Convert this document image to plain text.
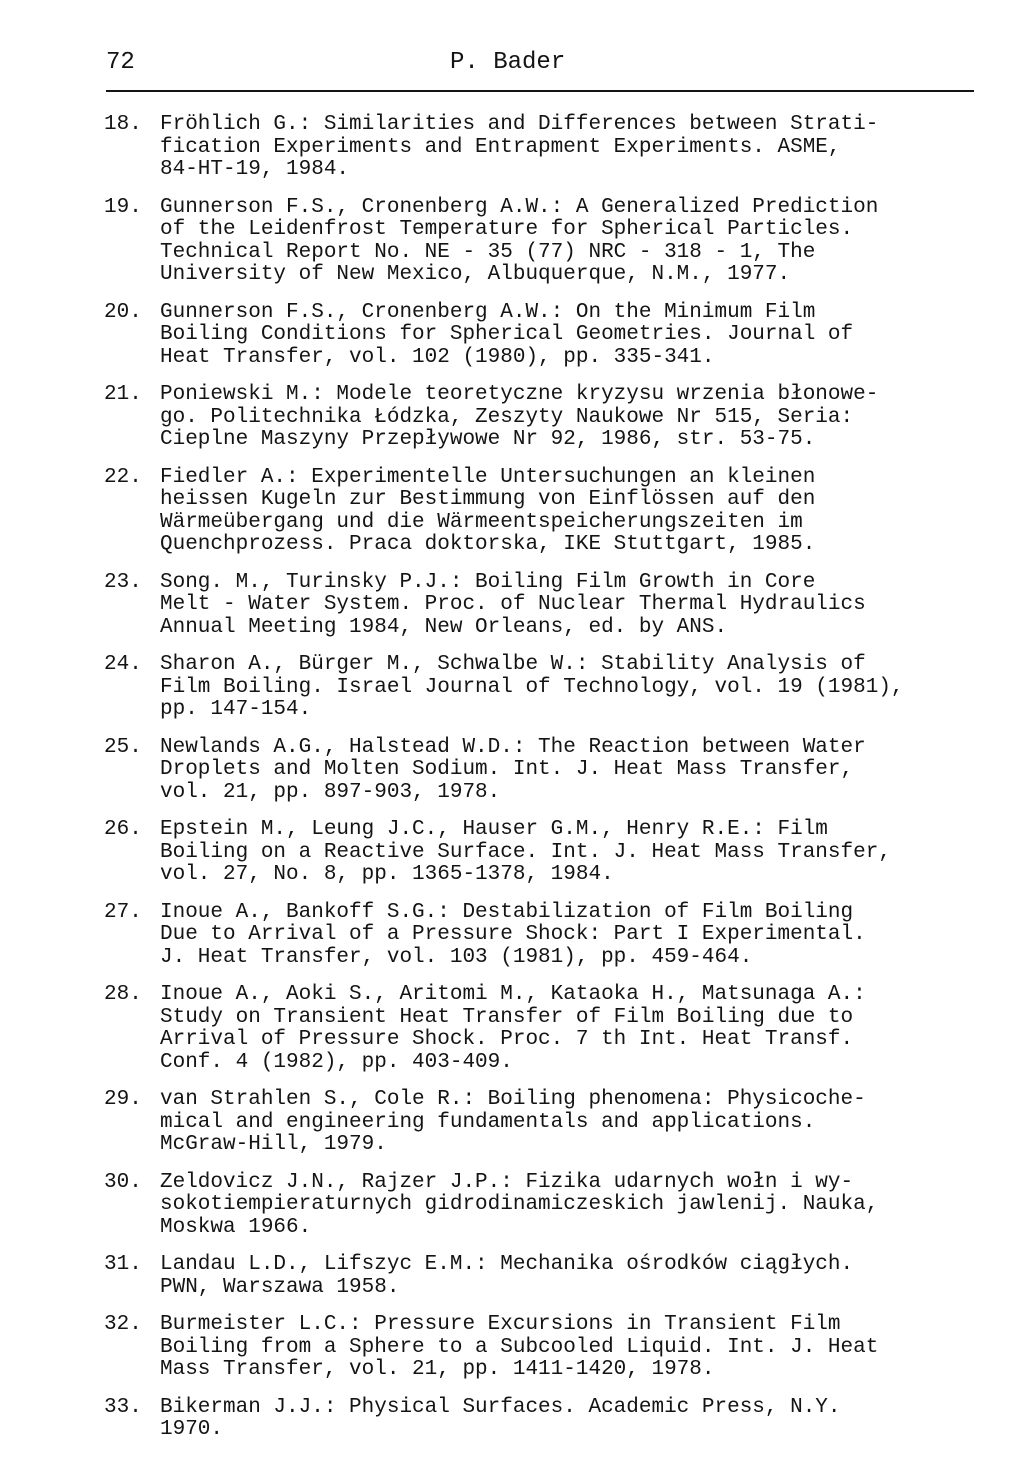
72	P. Bader
18. Fröhlich G.: Similarities and Differences between Strati-
fication Experiments and Entrapment Experiments. ASME,
84-HT-19, 1984.
19. Gunnerson F.S., Cronenberg A.W.: A Generalized Prediction
of the Leidenfrost Temperature for Spherical Particles.
Technical Report No. NE - 35 (77) NRC - 318 - 1, The
University of New Mexico, Albuquerque, N.M., 1977.
20. Gunnerson F.S., Cronenberg A.W.: On the Minimum Film
Boiling Conditions for Spherical Geometries. Journal of
Heat Transfer, vol. 102 (1980), pp. 335-341.
21. Poniewski M.: Modele teoretyczne kryzysu wrzenia błonowe-
go. Politechnika Łódzka, Zeszyty Naukowe Nr 515, Seria:
Cieplne Maszyny Przepływowe Nr 92, 1986, str. 53-75.
22. Fiedler A.: Experimentelle Untersuchungen an kleinen
heissen Kugeln zur Bestimmung von Einflössen auf den
Wärmeübergang und die Wärmeentspeicherungszeiten im
Quenchprozess. Praca doktorska, IKE Stuttgart, 1985.
23. Song. M., Turinsky P.J.: Boiling Film Growth in Core
Melt - Water System. Proc. of Nuclear Thermal Hydraulics
Annual Meeting 1984, New Orleans, ed. by ANS.
24. Sharon A., Bürger M., Schwalbe W.: Stability Analysis of
Film Boiling. Israel Journal of Technology, vol. 19 (1981),
pp. 147-154.
25. Newlands A.G., Halstead W.D.: The Reaction between Water
Droplets and Molten Sodium. Int. J. Heat Mass Transfer,
vol. 21, pp. 897-903, 1978.
26. Epstein M., Leung J.C., Hauser G.M., Henry R.E.: Film
Boiling on a Reactive Surface. Int. J. Heat Mass Transfer,
vol. 27, No. 8, pp. 1365-1378, 1984.
27. Inoue A., Bankoff S.G.: Destabilization of Film Boiling
Due to Arrival of a Pressure Shock: Part I Experimental.
J. Heat Transfer, vol. 103 (1981), pp. 459-464.
28. Inoue A., Aoki S., Aritomi M., Kataoka H., Matsunaga A.:
Study on Transient Heat Transfer of Film Boiling due to
Arrival of Pressure Shock. Proc. 7 th Int. Heat Transf.
Conf. 4 (1982), pp. 403-409.
29. van Strahlen S., Cole R.: Boiling phenomena: Physicoche-
mical and engineering fundamentals and applications.
McGraw-Hill, 1979.
30. Zeldovicz J.N., Rajzer J.P.: Fizika udarnych wołn i wy-
sokotiempieraturnych gidrodinamiczeskich jawlenij. Nauka,
Moskwa 1966.
31. Landau L.D., Lifszyc E.M.: Mechanika ośrodków ciągłych.
PWN, Warszawa 1958.
32. Burmeister L.C.: Pressure Excursions in Transient Film
Boiling from a Sphere to a Subcooled Liquid. Int. J. Heat
Mass Transfer, vol. 21, pp. 1411-1420, 1978.
33. Bikerman J.J.: Physical Surfaces. Academic Press, N.Y.
1970.
